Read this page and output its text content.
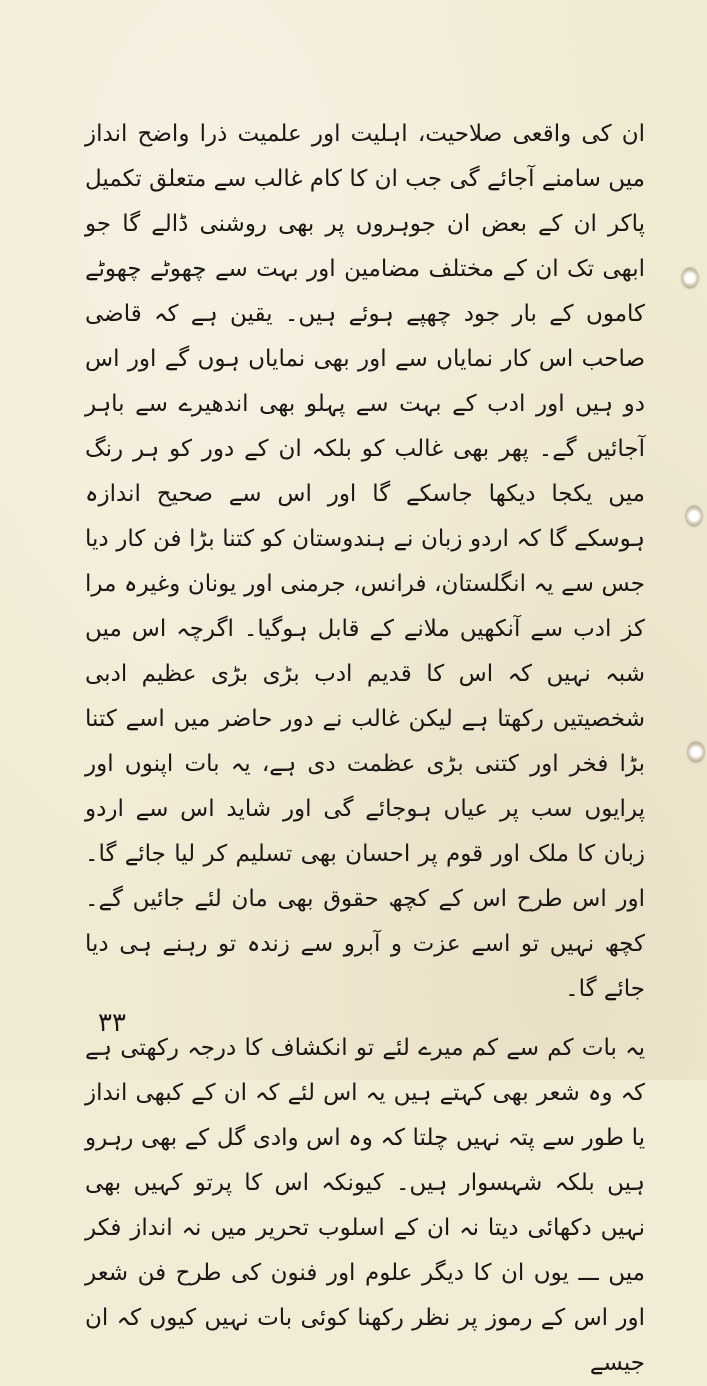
ان کی واقعی صلاحیت، اہلیت اور علمیت ذرا واضح انداز میں سامنے آجائے گی جب ان کا کام غالب سے متعلق تکمیل پاکر ان کے بعض ان جوہروں پر بھی روشنی ڈالے گا جو ابھی تک ان کے مختلف مضامین اور بہت سے چھوٹے چھوٹے کاموں کے بار جود چھپے ہوئے ہیں۔ یقین ہے کہ قاضی صاحب اس کار نمایاں سے اور بھی نمایاں ہوں گے اور اس دو ہیں اور ادب کے بہت سے پہلو بھی اندھیرے سے باہر آجائیں گے۔ پھر بھی غالب کو بلکہ ان کے دور کو ہر رنگ میں یکجا دیکھا جاسکے گا اور اس سے صحیح اندازہ ہوسکے گا کہ اردو زبان نے ہندوستان کو کتنا بڑا فن کار دیا جس سے یہ انگلستان، فرانس، جرمنی اور یونان وغیرہ مرا کز ادب سے آنکھیں ملانے کے قابل ہوگیا۔ اگرچہ اس میں شبہ نہیں کہ اس کا قدیم ادب بڑی بڑی عظیم ادبی شخصیتیں رکھتا ہے لیکن غالب نے دور حاضر میں اسے کتنا بڑا فخر اور کتنی بڑی عظمت دی ہے، یہ بات اپنوں اور پرایوں سب پر عیاں ہوجائے گی اور شاید اس سے اردو زبان کا ملک اور قوم پر احسان بھی تسلیم کر لیا جائے گا۔ اور اس طرح اس کے کچھ حقوق بھی مان لئے جائیں گے۔ کچھ نہیں تو اسے عزت و آبرو سے زندہ تو رہنے ہی دیا جائے گا۔

یہ بات کم سے کم میرے لئے تو انکشاف کا درجہ رکھتی ہے کہ وہ شعر بھی کہتے ہیں یہ اس لئے کہ ان کے کبھی انداز یا طور سے پتہ نہیں چلتا کہ وہ اس وادی گل کے بھی رہرو ہیں بلکہ شہسوار ہیں۔ کیونکہ اس کا پرتو کہیں بھی نہیں دکھائی دیتا نہ ان کے اسلوب تحریر میں نہ انداز فکر میں ـــ یوں ان کا دیگر علوم اور فنون کی طرح فن شعر اور اس کے رموز پر نظر رکھنا کوئی بات نہیں کیوں کہ ان جیسے

۳۳
